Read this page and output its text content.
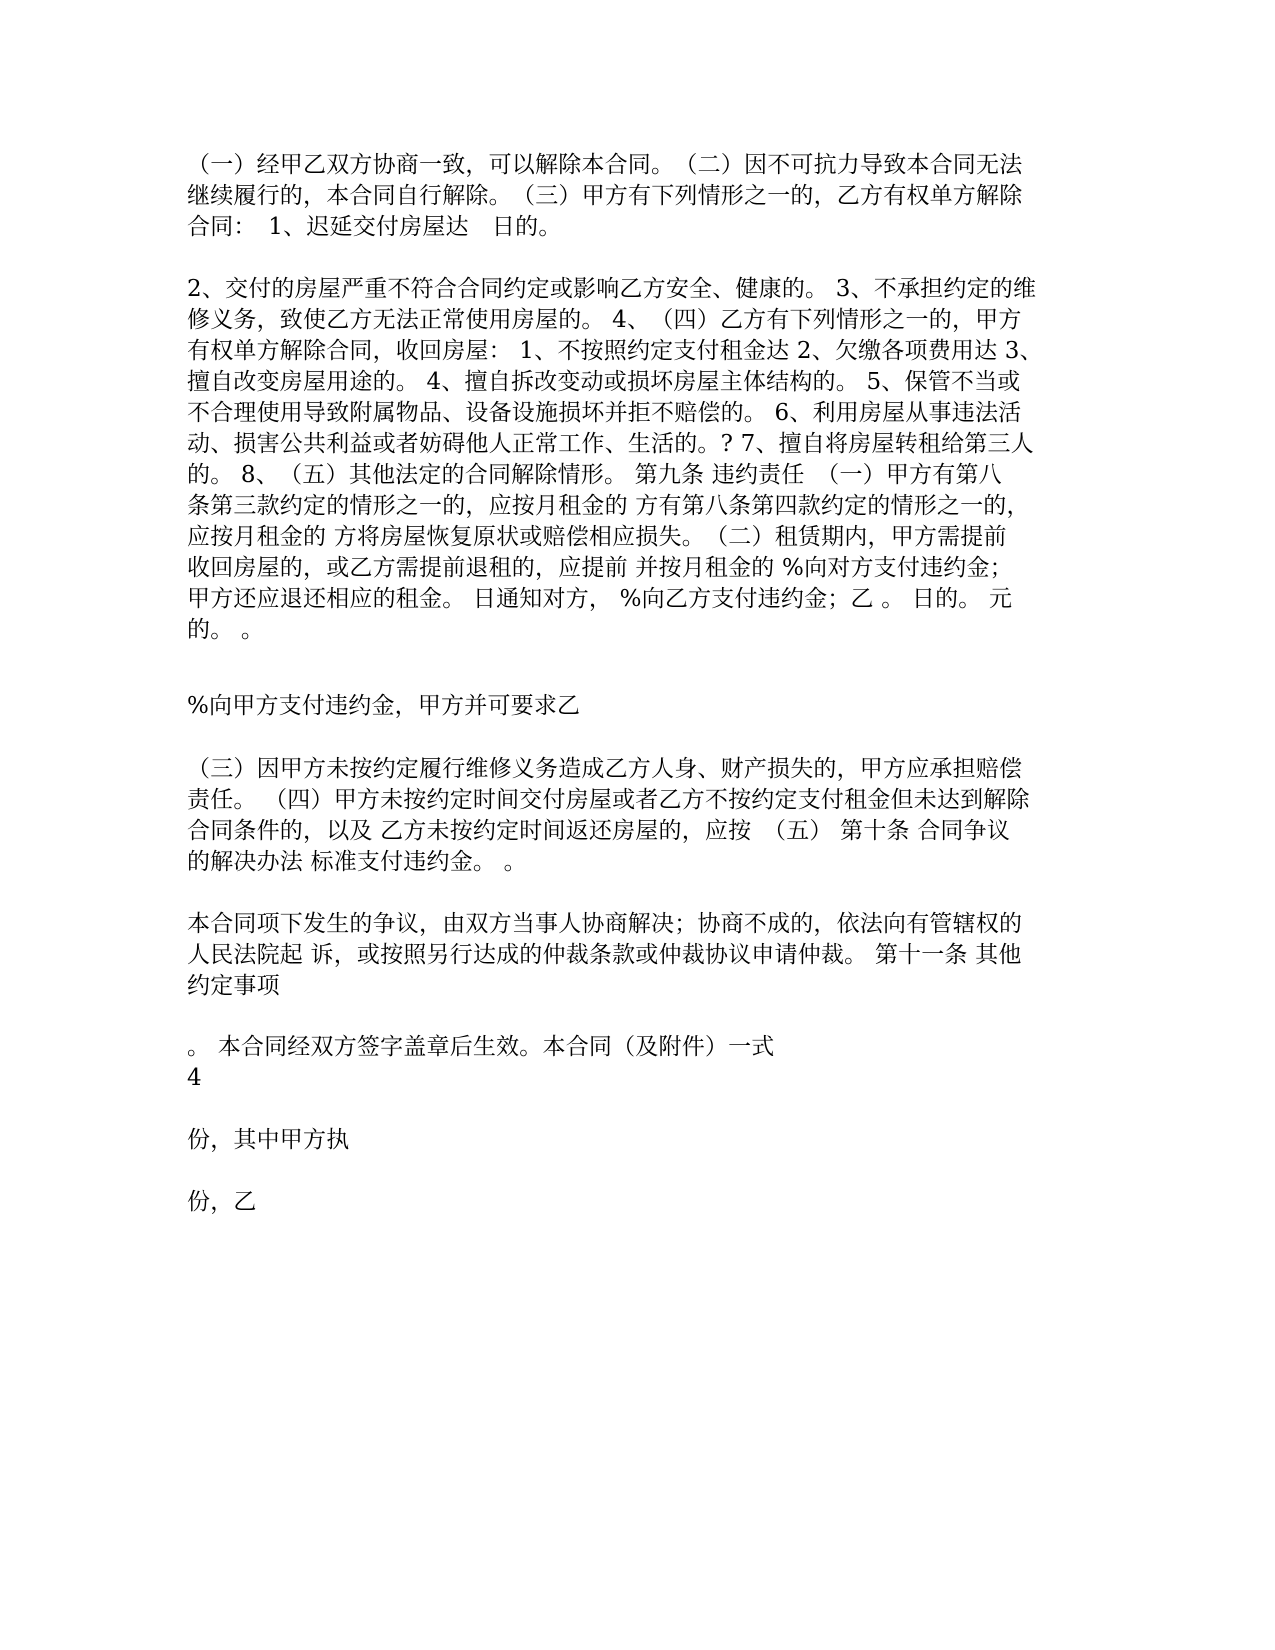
（一）经甲乙双方协商一致，可以解除本合同。　（二）因不可抗力导致本合同无法
继续履行的，本合同自行解除。　（三）甲方有下列情形之一的，乙方有权单方解除
合同：　1、迟延交付房屋达　日的。
2、交付的房屋严重不符合合同约定或影响乙方安全、健康的。 3、不承担约定的维
修义务，致使乙方无法正常使用房屋的。 4、　（四）乙方有下列情形之一的，甲方
有权单方解除合同，收回房屋： 1、不按照约定支付租金达 2、欠缴各项费用达 3、
擅自改变房屋用途的。 4、擅自拆改变动或损坏房屋主体结构的。 5、保管不当或
不合理使用导致附属物品、设备设施损坏并拒不赔偿的。 6、利用房屋从事违法活
动、损害公共利益或者妨碍他人正常工作、生活的。? 7、擅自将房屋转租给第三人
的。 8、　（五）其他法定的合同解除情形。 第九条 违约责任　（一）甲方有第八
条第三款约定的情形之一的，应按月租金的 方有第八条第四款约定的情形之一的，
应按月租金的 方将房屋恢复原状或赔偿相应损失。　（二）租赁期内，甲方需提前
收回房屋的，或乙方需提前退租的，应提前 并按月租金的 %向对方支付违约金；
甲方还应退还相应的租金。 日通知对方， %向乙方支付违约金；乙 。 日的。 元
的。 。
%向甲方支付违约金，甲方并可要求乙
（三）因甲方未按约定履行维修义务造成乙方人身、财产损失的，甲方应承担赔偿
责任。 （四）甲方未按约定时间交付房屋或者乙方不按约定支付租金但未达到解除
合同条件的，以及 乙方未按约定时间返还房屋的，应按　（五） 第十条 合同争议
的解决办法 标准支付违约金。 。
本合同项下发生的争议，由双方当事人协商解决；协商不成的，依法向有管辖权的
人民法院起 诉，或按照另行达成的仲裁条款或仲裁协议申请仲裁。 第十一条 其他
约定事项
。 本合同经双方签字盖章后生效。本合同（及附件）一式
4
份，其中甲方执
份，乙
